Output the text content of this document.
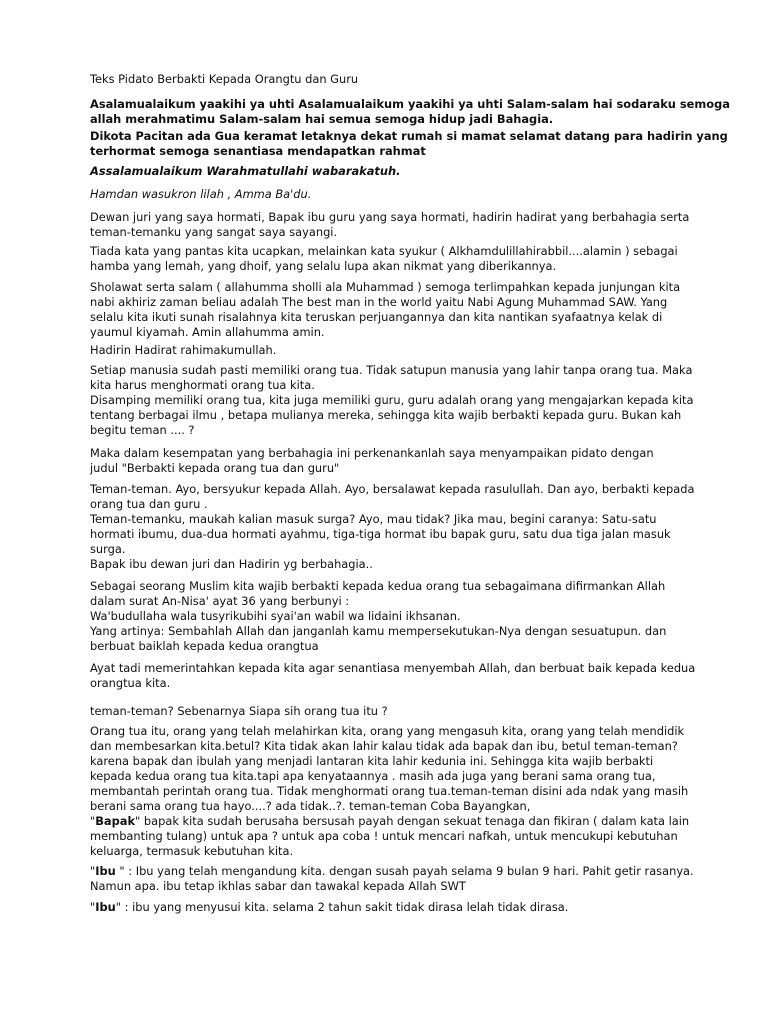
Teks Pidato Berbakti Kepada Orangtu dan Guru

Asalamualaikum yaakihi ya uhti Asalamualaikum yaakihi ya uhti Salam-salam hai sodaraku semoga
allah merahmatimu Salam-salam hai semua semoga hidup jadi Bahagia.

Dikota Pacitan ada Gua keramat letaknya dekat rumah si mamat selamat datang para hadirin yang
terhormat semoga senantiasa mendapatkan rahmat

Assalamualaikum Warahmatullahi wabarakatuh.

Hamdan wasukron lilah , Amma Ba'du.

Dewan juri yang saya hormati, Bapak ibu guru yang saya hormati, hadirin hadirat yang berbahagia serta
teman-temanku yang sangat saya sayangi.

Tiada kata yang pantas kita ucapkan, melainkan kata syukur ( Alkhamdulillahirabbil....alamin ) sebagai
hamba yang lemah, yang dhoif, yang selalu lupa akan nikmat yang diberikannya.

Sholawat serta salam ( allahumma sholli ala Muhammad ) semoga terlimpahkan kepada junjungan kita
nabi akhiriz zaman beliau adalah The best man in the world yaitu Nabi Agung Muhammad SAW. Yang
selalu kita ikuti sunah risalahnya kita teruskan perjuangannya dan kita nantikan syafaatnya kelak di
yaumul kiyamah. Amin allahumma amin.

Hadirin Hadirat rahimakumullah.

Setiap manusia sudah pasti memiliki orang tua. Tidak satupun manusia yang lahir tanpa orang tua. Maka
kita harus menghormati orang tua kita.
Disamping memiliki orang tua, kita juga memiliki guru, guru adalah orang yang mengajarkan kepada kita
tentang berbagai ilmu , betapa mulianya mereka, sehingga kita wajib berbakti kepada guru. Bukan kah
begitu teman .... ?

Maka dalam kesempatan yang berbahagia ini perkenankanlah saya menyampaikan pidato dengan
judul "Berbakti kepada orang tua dan guru"

Teman-teman. Ayo, bersyukur kepada Allah. Ayo, bersalawat kepada rasulullah. Dan ayo, berbakti kepada
orang tua dan guru .
Teman-temanku, maukah kalian masuk surga? Ayo, mau tidak? Jika mau, begini caranya: Satu-satu
hormati ibumu, dua-dua hormati ayahmu, tiga-tiga hormat ibu bapak guru, satu dua tiga jalan masuk
surga.

Bapak ibu dewan juri dan Hadirin yg berbahagia..

Sebagai seorang Muslim kita wajib berbakti kepada kedua orang tua sebagaimana difirmankan Allah
dalam surat An-Nisa' ayat 36 yang berbunyi :
Wa'budullaha wala tusyrikubihi syai'an wabil wa lidaini ikhsanan.
Yang artinya: Sembahlah Allah dan janganlah kamu mempersekutukan-Nya dengan sesuatupun. dan
berbuat baiklah kepada kedua orangtua

Ayat tadi memerintahkan kepada kita agar senantiasa menyembah Allah, dan berbuat baik kepada kedua
orangtua kita.

teman-teman? Sebenarnya Siapa sih orang tua itu ?

Orang tua itu, orang yang telah melahirkan kita, orang yang mengasuh kita, orang yang telah mendidik
dan membesarkan kita.betul? Kita tidak akan lahir kalau tidak ada bapak dan ibu, betul teman-teman?
karena bapak dan ibulah yang menjadi lantaran kita lahir kedunia ini. Sehingga kita wajib berbakti
kepada kedua orang tua kita.tapi apa kenyataannya . masih ada juga yang berani sama orang tua,
membantah perintah orang tua. Tidak menghormati orang tua.teman-teman disini ada ndak yang masih
berani sama orang tua hayo....? ada tidak..?. teman-teman Coba Bayangkan,

"Bapak" bapak kita sudah berusaha bersusah payah dengan sekuat tenaga dan fikiran ( dalam kata lain
membanting tulang) untuk apa ? untuk apa coba ! untuk mencari nafkah, untuk mencukupi kebutuhan
keluarga, termasuk kebutuhan kita.

"Ibu " : Ibu yang telah mengandung kita. dengan susah payah selama 9 bulan 9 hari. Pahit getir rasanya.
Namun apa. ibu tetap ikhlas sabar dan tawakal kepada Allah SWT

"Ibu" : ibu yang menyusui kita. selama 2 tahun sakit tidak dirasa lelah tidak dirasa.
